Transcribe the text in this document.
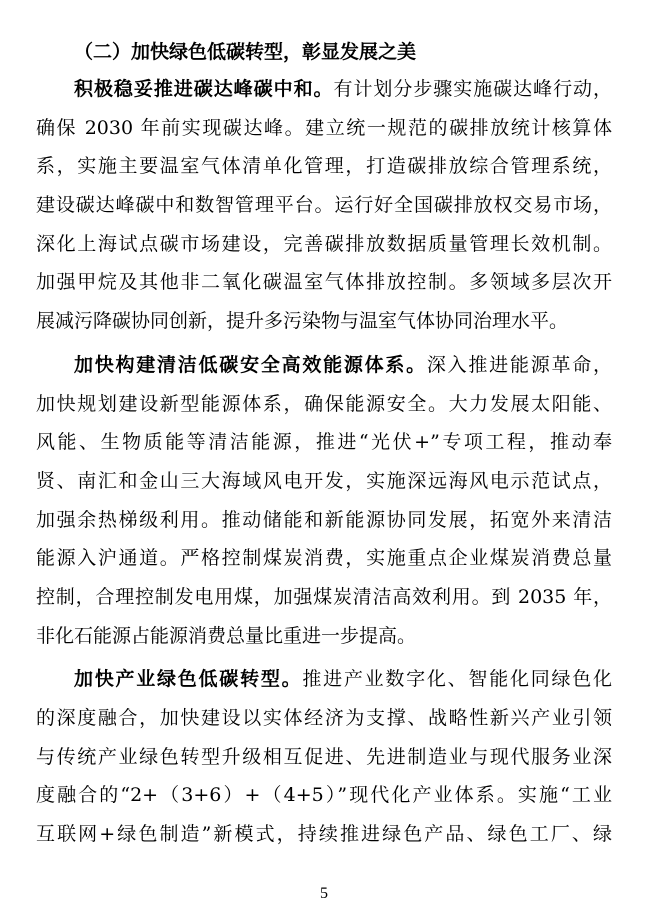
（二）加快绿色低碳转型，彰显发展之美

积极稳妥推进碳达峰碳中和。有计划分步骤实施碳达峰行动，
确保 2030 年前实现碳达峰。建立统一规范的碳排放统计核算体
系，实施主要温室气体清单化管理，打造碳排放综合管理系统，
建设碳达峰碳中和数智管理平台。运行好全国碳排放权交易市场，
深化上海试点碳市场建设，完善碳排放数据质量管理长效机制。
加强甲烷及其他非二氧化碳温室气体排放控制。多领域多层次开
展减污降碳协同创新，提升多污染物与温室气体协同治理水平。

加快构建清洁低碳安全高效能源体系。深入推进能源革命，
加快规划建设新型能源体系，确保能源安全。大力发展太阳能、
风能、生物质能等清洁能源，推进“光伏+”专项工程，推动奉
贤、南汇和金山三大海域风电开发，实施深远海风电示范试点，
加强余热梯级利用。推动储能和新能源协同发展，拓宽外来清洁
能源入沪通道。严格控制煤炭消费，实施重点企业煤炭消费总量
控制，合理控制发电用煤，加强煤炭清洁高效利用。到 2035 年，
非化石能源占能源消费总量比重进一步提高。

加快产业绿色低碳转型。推进产业数字化、智能化同绿色化
的深度融合，加快建设以实体经济为支撑、战略性新兴产业引领
与传统产业绿色转型升级相互促进、先进制造业与现代服务业深
度融合的“2+（3+6）+（4+5）”现代化产业体系。实施“工业
互联网+绿色制造”新模式，持续推进绿色产品、绿色工厂、绿

5
